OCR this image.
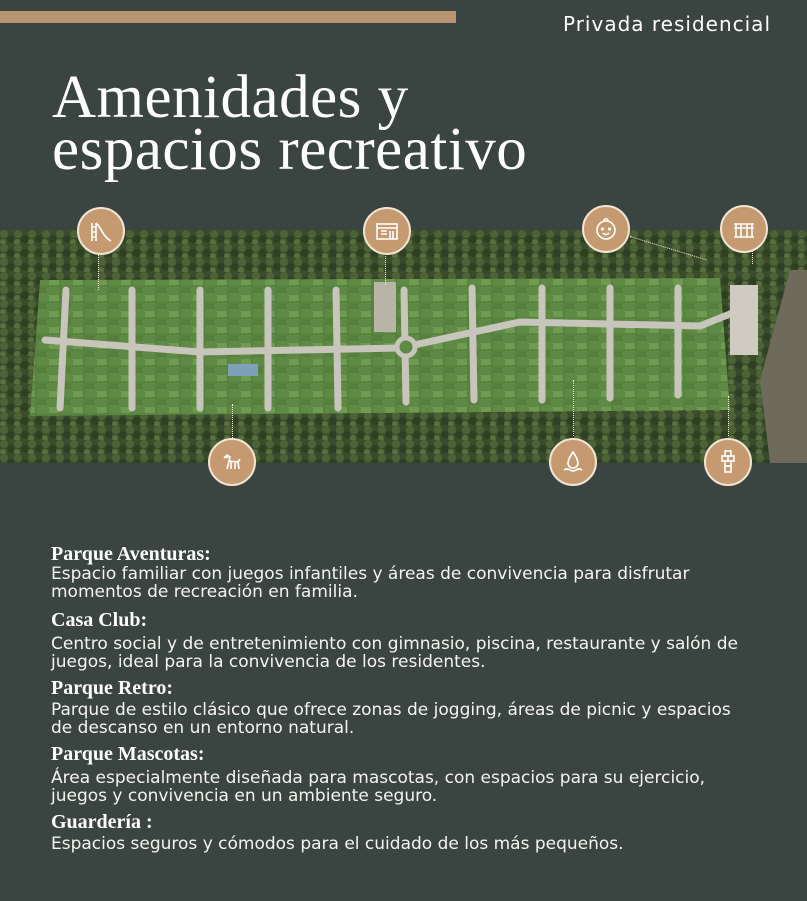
Privada residencial
Amenidades y
espacios recreativo
Parque Aventuras:
Espacio familiar con juegos infantiles y áreas de convivencia para disfrutar momentos de recreación en familia.
Casa Club:
Centro social y de entretenimiento con gimnasio, piscina, restaurante y salón de juegos, ideal para la convivencia de los residentes.
Parque Retro:
Parque de estilo clásico que ofrece zonas de jogging, áreas de picnic y espacios de descanso en un entorno natural.
Parque Mascotas:
Área especialmente diseñada para mascotas, con espacios para su ejercicio, juegos y convivencia en un ambiente seguro.
Guardería :
Espacios seguros y cómodos para el cuidado de los más pequeños.
